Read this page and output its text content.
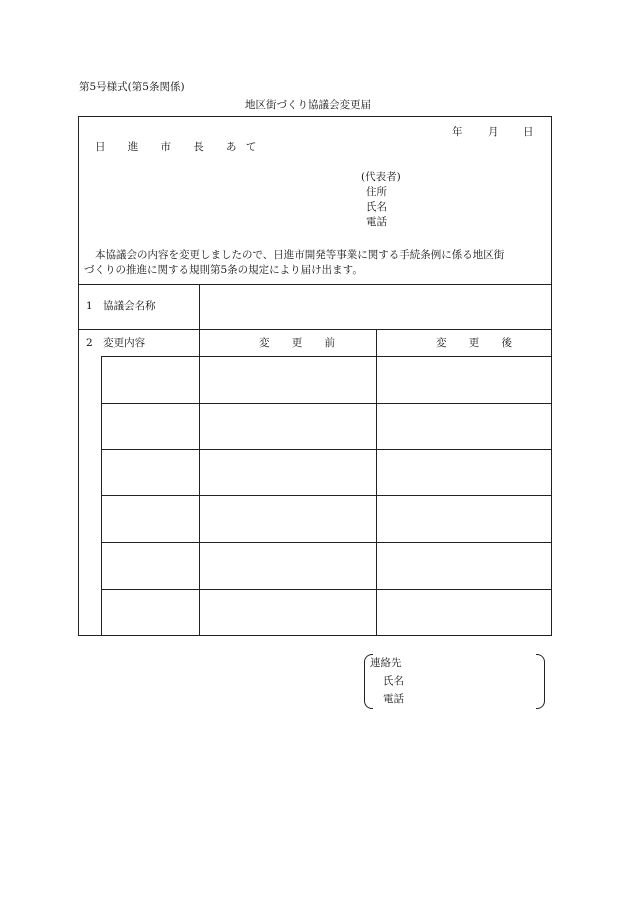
第5号様式(第5条関係)
地区街づくり協議会変更届
年 月 日
日 進 市 長 あて
(代表者)
住所
氏名
電話
本協議会の内容を変更しましたので、日進市開発等事業に関する手続条例に係る地区街
づくりの推進に関する規則第5条の規定により届け出ます。
1　協議会名称
2　変更内容	変 更 前	変 更 後
連絡先
氏名
電話
